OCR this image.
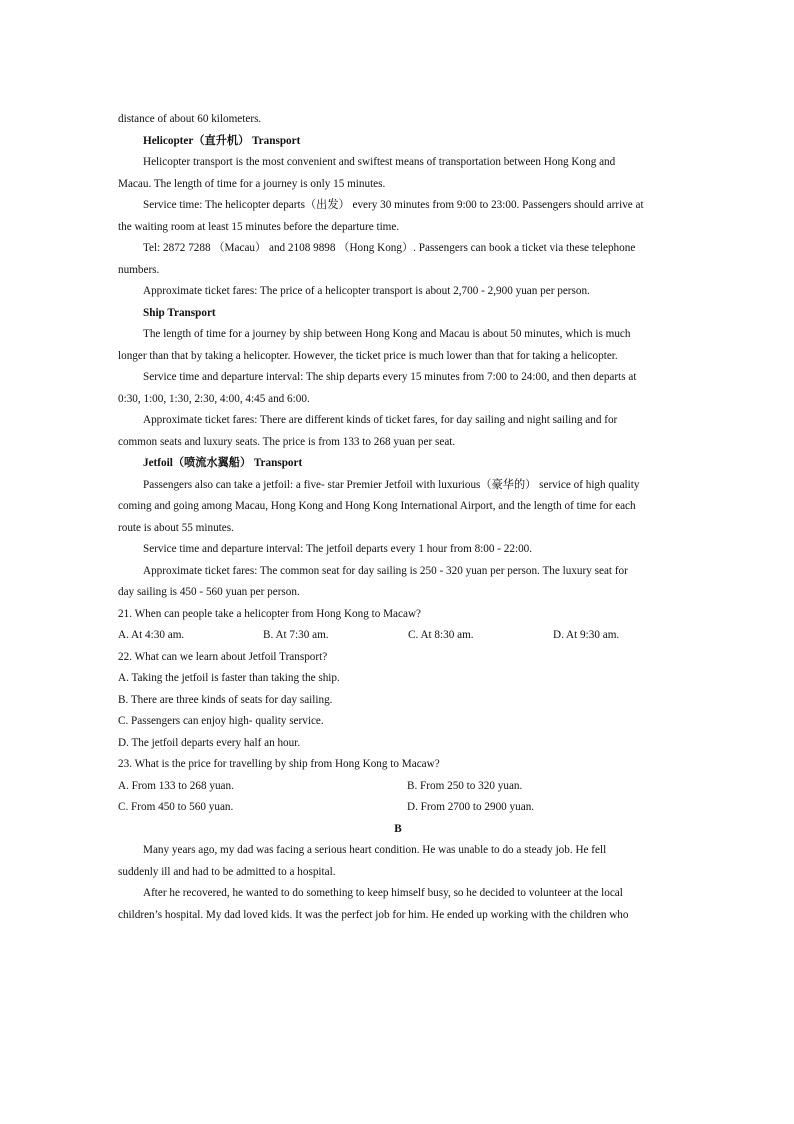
distance of about 60 kilometers.
Helicopter（直升机） Transport
Helicopter transport is the most convenient and swiftest means of transportation between Hong Kong and
Macau. The length of time for a journey is only 15 minutes.
Service time: The helicopter departs（出发） every 30 minutes from 9:00 to 23:00. Passengers should arrive at
the waiting room at least 15 minutes before the departure time.
Tel: 2872 7288 （Macau） and 2108 9898 （Hong Kong）. Passengers can book a ticket via these telephone
numbers.
Approximate ticket fares: The price of a helicopter transport is about 2,700 - 2,900 yuan per person.
Ship Transport
The length of time for a journey by ship between Hong Kong and Macau is about 50 minutes, which is much
longer than that by taking a helicopter. However, the ticket price is much lower than that for taking a helicopter.
Service time and departure interval: The ship departs every 15 minutes from 7:00 to 24:00, and then departs at
0:30, 1:00, 1:30, 2:30, 4:00, 4:45 and 6:00.
Approximate ticket fares: There are different kinds of ticket fares, for day sailing and night sailing and for
common seats and luxury seats. The price is from 133 to 268 yuan per seat.
Jetfoil（喷流水翼船） Transport
Passengers also can take a jetfoil: a five- star Premier Jetfoil with luxurious（豪华的） service of high quality
coming and going among Macau, Hong Kong and Hong Kong International Airport, and the length of time for each
route is about 55 minutes.
Service time and departure interval: The jetfoil departs every 1 hour from 8:00 - 22:00.
Approximate ticket fares: The common seat for day sailing is 250 - 320 yuan per person. The luxury seat for
day sailing is 450 - 560 yuan per person.
21. When can people take a helicopter from Hong Kong to Macaw?
A. At 4:30 am.	B. At 7:30 am.	C. At 8:30 am.	D. At 9:30 am.
22. What can we learn about Jetfoil Transport?
A. Taking the jetfoil is faster than taking the ship.
B. There are three kinds of seats for day sailing.
C. Passengers can enjoy high- quality service.
D. The jetfoil departs every half an hour.
23. What is the price for travelling by ship from Hong Kong to Macaw?
A. From 133 to 268 yuan.	B. From 250 to 320 yuan.
C. From 450 to 560 yuan.	D. From 2700 to 2900 yuan.
B
Many years ago, my dad was facing a serious heart condition. He was unable to do a steady job. He fell
suddenly ill and had to be admitted to a hospital.
After he recovered, he wanted to do something to keep himself busy, so he decided to volunteer at the local
children’s hospital. My dad loved kids. It was the perfect job for him. He ended up working with the children who
